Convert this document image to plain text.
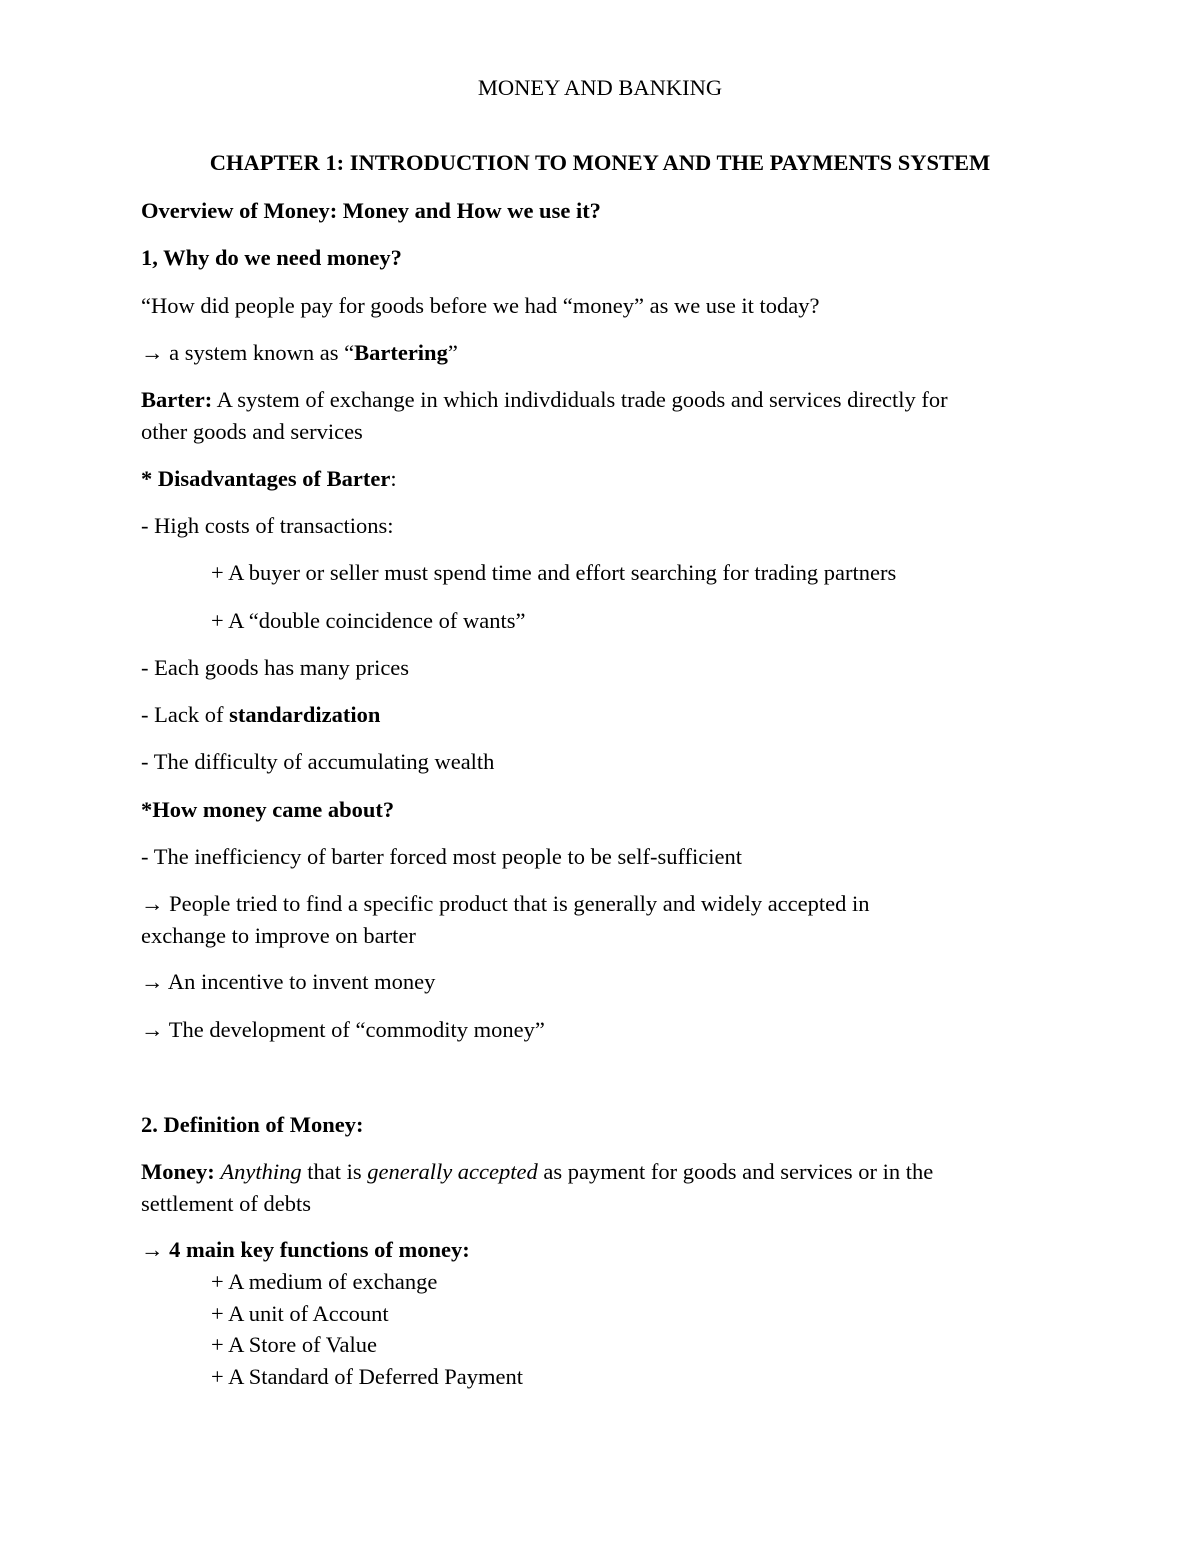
MONEY AND BANKING
CHAPTER 1: INTRODUCTION TO MONEY AND THE PAYMENTS SYSTEM
Overview of Money: Money and How we use it?
1, Why do we need money?
“How did people pay for goods before we had “money” as we use it today?
→ a system known as “Bartering”
Barter: A system of exchange in which indivdiduals trade goods and services directly for
other goods and services
* Disadvantages of Barter:
- High costs of transactions:
+ A buyer or seller must spend time and effort searching for trading partners
+ A “double coincidence of wants”
- Each goods has many prices
- Lack of standardization
- The difficulty of accumulating wealth
*How money came about?
- The inefficiency of barter forced most people to be self-sufficient
→ People tried to find a specific product that is generally and widely accepted in
exchange to improve on barter
→ An incentive to invent money
→ The development of “commodity money”
2. Definition of Money:
Money: Anything that is generally accepted as payment for goods and services or in the
settlement of debts
→ 4 main key functions of money:
+ A medium of exchange
+ A unit of Account
+ A Store of Value
+ A Standard of Deferred Payment
